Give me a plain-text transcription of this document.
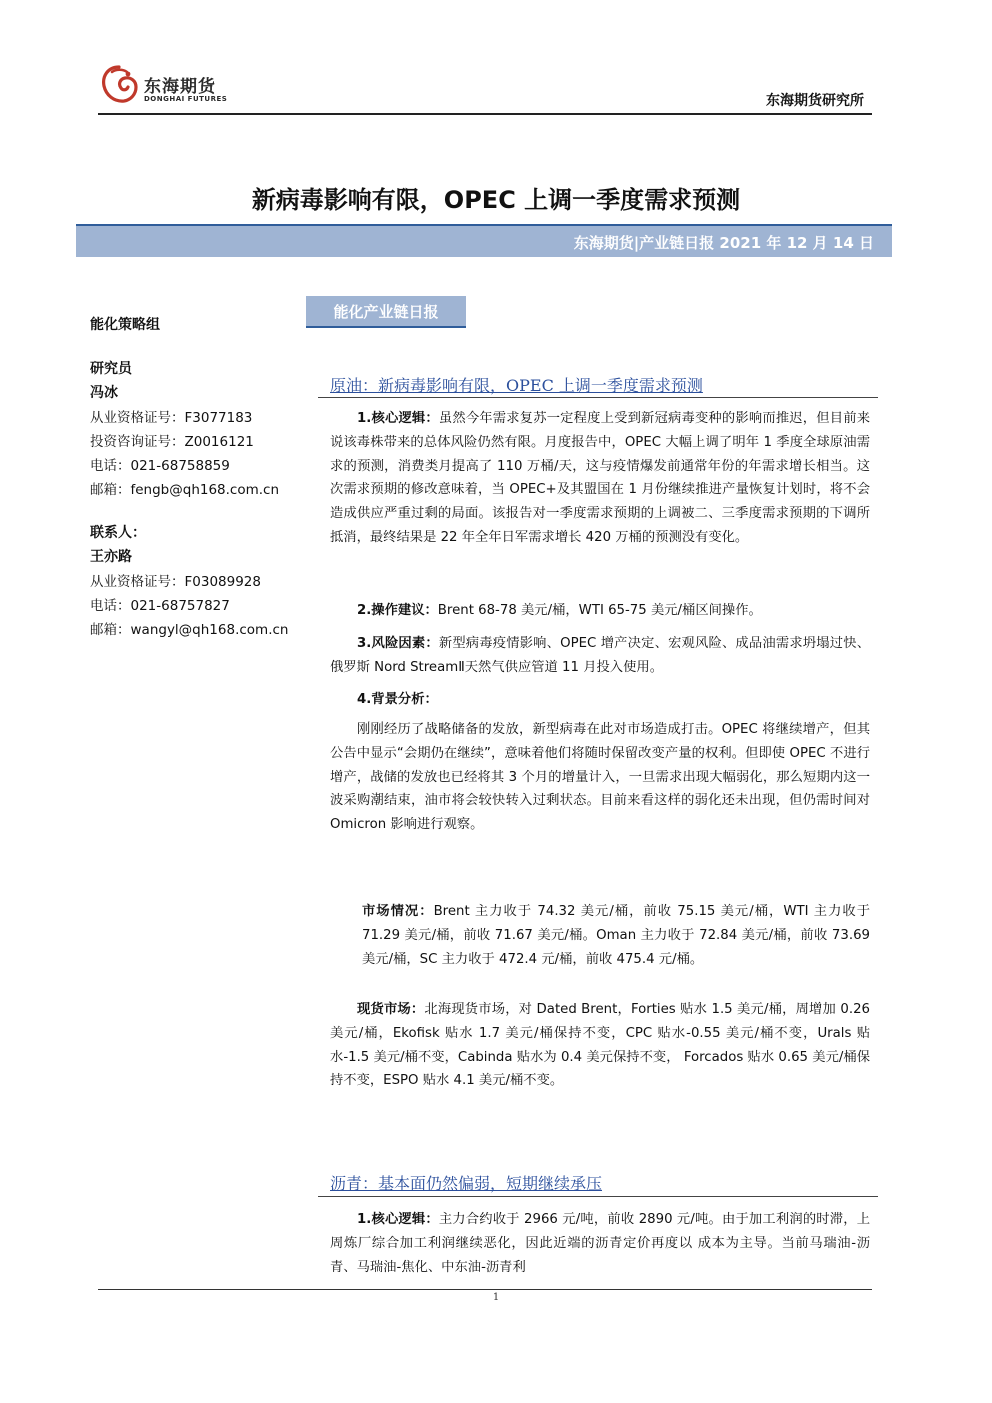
东海期货
DONGHAI FUTURES	东海期货研究所
新病毒影响有限，OPEC 上调一季度需求预测
东海期货|产业链日报 2021 年 12 月 14 日
能化策略组
研究员
冯冰
从业资格证号：F3077183
投资咨询证号：Z0016121
电话：021-68758859
邮箱：fengb@qh168.com.cn
联系人：
王亦路
从业资格证号：F03089928
电话：021-68757827
邮箱：wangyl@qh168.com.cn
能化产业链日报
原油：新病毒影响有限，OPEC 上调一季度需求预测
1.核心逻辑：虽然今年需求复苏一定程度上受到新冠病毒变种的影响而推迟，但目前来说该毒株带来的总体风险仍然有限。月度报告中，OPEC 大幅上调了明年 1 季度全球原油需求的预测，消费类月提高了 110 万桶/天，这与疫情爆发前通常年份的年需求增长相当。这次需求预期的修改意味着，当 OPEC+及其盟国在 1 月份继续推进产量恢复计划时，将不会造成供应严重过剩的局面。该报告对一季度需求预期的上调被二、三季度需求预期的下调所抵消，最终结果是 22 年全年日军需求增长 420 万桶的预测没有变化。
2.操作建议：Brent 68-78 美元/桶，WTI 65-75 美元/桶区间操作。
3.风险因素：新型病毒疫情影响、OPEC 增产决定、宏观风险、成品油需求坍塌过快、俄罗斯 Nord StreamⅡ天然气供应管道 11 月投入使用。
4.背景分析：
刚刚经历了战略储备的发放，新型病毒在此对市场造成打击。OPEC 将继续增产，但其公告中显示“会期仍在继续”，意味着他们将随时保留改变产量的权利。但即使 OPEC 不进行增产，战储的发放也已经将其 3 个月的增量计入，一旦需求出现大幅弱化，那么短期内这一波采购潮结束，油市将会较快转入过剩状态。目前来看这样的弱化还未出现，但仍需时间对 Omicron 影响进行观察。
市场情况：Brent 主力收于 74.32 美元/桶，前收 75.15 美元/桶，WTI 主力收于 71.29 美元/桶，前收 71.67 美元/桶。Oman 主力收于 72.84 美元/桶，前收 73.69 美元/桶，SC 主力收于 472.4 元/桶，前收 475.4 元/桶。
现货市场：北海现货市场，对 Dated Brent，Forties 贴水 1.5 美元/桶，周增加 0.26 美元/桶，Ekofisk 贴水 1.7 美元/桶保持不变，CPC 贴水-0.55 美元/桶不变，Urals 贴水-1.5 美元/桶不变，Cabinda 贴水为 0.4 美元保持不变， Forcados 贴水 0.65 美元/桶保持不变，ESPO 贴水 4.1 美元/桶不变。
沥青：基本面仍然偏弱，短期继续承压
1.核心逻辑：主力合约收于 2966 元/吨，前收 2890 元/吨。由于加工利润的时滞，上周炼厂综合加工利润继续恶化，因此近端的沥青定价再度以 成本为主导。当前马瑞油-沥青、马瑞油-焦化、中东油-沥青利
1
